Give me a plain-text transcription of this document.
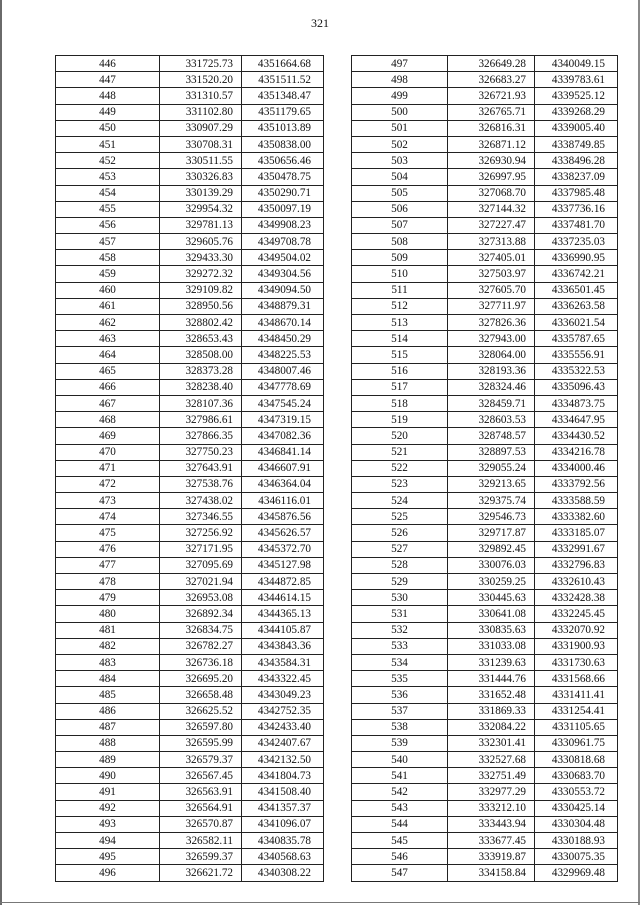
321
446	331725.73	4351664.68
447	331520.20	4351511.52
448	331310.57	4351348.47
449	331102.80	4351179.65
450	330907.29	4351013.89
451	330708.31	4350838.00
452	330511.55	4350656.46
453	330326.83	4350478.75
454	330139.29	4350290.71
455	329954.32	4350097.19
456	329781.13	4349908.23
457	329605.76	4349708.78
458	329433.30	4349504.02
459	329272.32	4349304.56
460	329109.82	4349094.50
461	328950.56	4348879.31
462	328802.42	4348670.14
463	328653.43	4348450.29
464	328508.00	4348225.53
465	328373.28	4348007.46
466	328238.40	4347778.69
467	328107.36	4347545.24
468	327986.61	4347319.15
469	327866.35	4347082.36
470	327750.23	4346841.14
471	327643.91	4346607.91
472	327538.76	4346364.04
473	327438.02	4346116.01
474	327346.55	4345876.56
475	327256.92	4345626.57
476	327171.95	4345372.70
477	327095.69	4345127.98
478	327021.94	4344872.85
479	326953.08	4344614.15
480	326892.34	4344365.13
481	326834.75	4344105.87
482	326782.27	4343843.36
483	326736.18	4343584.31
484	326695.20	4343322.45
485	326658.48	4343049.23
486	326625.52	4342752.35
487	326597.80	4342433.40
488	326595.99	4342407.67
489	326579.37	4342132.50
490	326567.45	4341804.73
491	326563.91	4341508.40
492	326564.91	4341357.37
493	326570.87	4341096.07
494	326582.11	4340835.78
495	326599.37	4340568.63
496	326621.72	4340308.22
497	326649.28	4340049.15
498	326683.27	4339783.61
499	326721.93	4339525.12
500	326765.71	4339268.29
501	326816.31	4339005.40
502	326871.12	4338749.85
503	326930.94	4338496.28
504	326997.95	4338237.09
505	327068.70	4337985.48
506	327144.32	4337736.16
507	327227.47	4337481.70
508	327313.88	4337235.03
509	327405.01	4336990.95
510	327503.97	4336742.21
511	327605.70	4336501.45
512	327711.97	4336263.58
513	327826.36	4336021.54
514	327943.00	4335787.65
515	328064.00	4335556.91
516	328193.36	4335322.53
517	328324.46	4335096.43
518	328459.71	4334873.75
519	328603.53	4334647.95
520	328748.57	4334430.52
521	328897.53	4334216.78
522	329055.24	4334000.46
523	329213.65	4333792.56
524	329375.74	4333588.59
525	329546.73	4333382.60
526	329717.87	4333185.07
527	329892.45	4332991.67
528	330076.03	4332796.83
529	330259.25	4332610.43
530	330445.63	4332428.38
531	330641.08	4332245.45
532	330835.63	4332070.92
533	331033.08	4331900.93
534	331239.63	4331730.63
535	331444.76	4331568.66
536	331652.48	4331411.41
537	331869.33	4331254.41
538	332084.22	4331105.65
539	332301.41	4330961.75
540	332527.68	4330818.68
541	332751.49	4330683.70
542	332977.29	4330553.72
543	333212.10	4330425.14
544	333443.94	4330304.48
545	333677.45	4330188.93
546	333919.87	4330075.35
547	334158.84	4329969.48
